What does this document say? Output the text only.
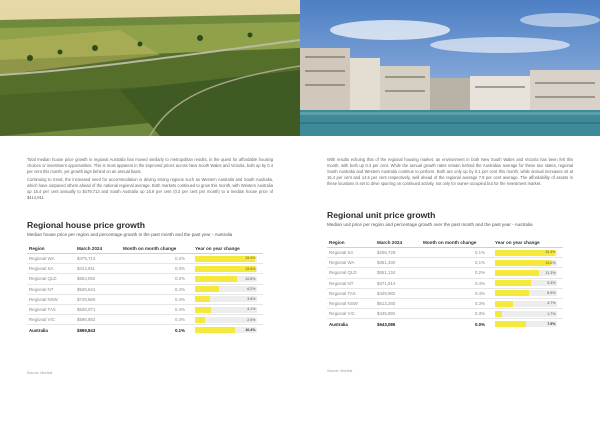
Total median house price growth in regional Australia has moved similarly to metropolitan results, in the quest for affordable housing choices or investment opportunities. This is most apparent in the improved prices across New South Wales and Victoria, both up by 0.4 per cent this month, yet growth lags behind on an annual basis.

Continuing to trend, the increased need for accommodation is driving strong regions such as Western Australia and South Australia, which have outpaced others ahead of the national regional average. Both markets continued to grow this month, with Western Australia up 15.4 per cent annually to $479,713 and South Australia up 15.8 per cent (0.3 per cent per month) to a median house price of $414,911.

Regional house price growth
Median house price per region and percentage growth in the past month and the past year - Australia
Region	March 2024	Month on month change	Year on year change
Regional WA	$479,713	0.2%	15.4%
Regional SA	$414,911	0.3%	15.8%
Regional QLD	$664,052	0.2%	10.8%
Regional NT	$526,641	0.4%	6.2%
Regional NSW	$749,660	0.4%	3.8%
Regional TAS	$538,071	0.4%	4.1%
Regional VIC	$595,882	0.4%	2.6%
Australia	$869,843	0.1%	10.4%
Source: Mortest

With results echoing that of the regional housing market, an environment in both New South Wales and Victoria has been felt this month, with both up 0.3 per cent. While the annual growth rates remain behind the Australian average for these two states, regional South Australia and Western Australia continue to perform. Both are only up by 0.1 per cent this month, while annual increases sit at 15.4 per cent and 14.5 per cent respectively, well ahead of the regional average 7.9 per cent average. The affordability of assets in these locations is set to drive spurring on continued activity, not only for owner-occupied but for the investment market.

Regional unit price growth
Median unit price per region and percentage growth over the past month and the past year - Australia
Region	March 2024	Month on month change	Year on year change
Regional SA	$256,728	0.1%	15.4%
Regional WA	$361,330	0.1%	14.5%
Regional QLD	$551,134	0.2%	11.3%
Regional NT	$371,914	0.4%	9.3%
Regional TAS	$429,982	0.4%	8.9%
Regional NSW	$613,280	0.3%	4.7%
Regional VIC	$445,892	0.3%	1.7%
Australia	$643,086	0.0%	7.9%
Source: Mortest
